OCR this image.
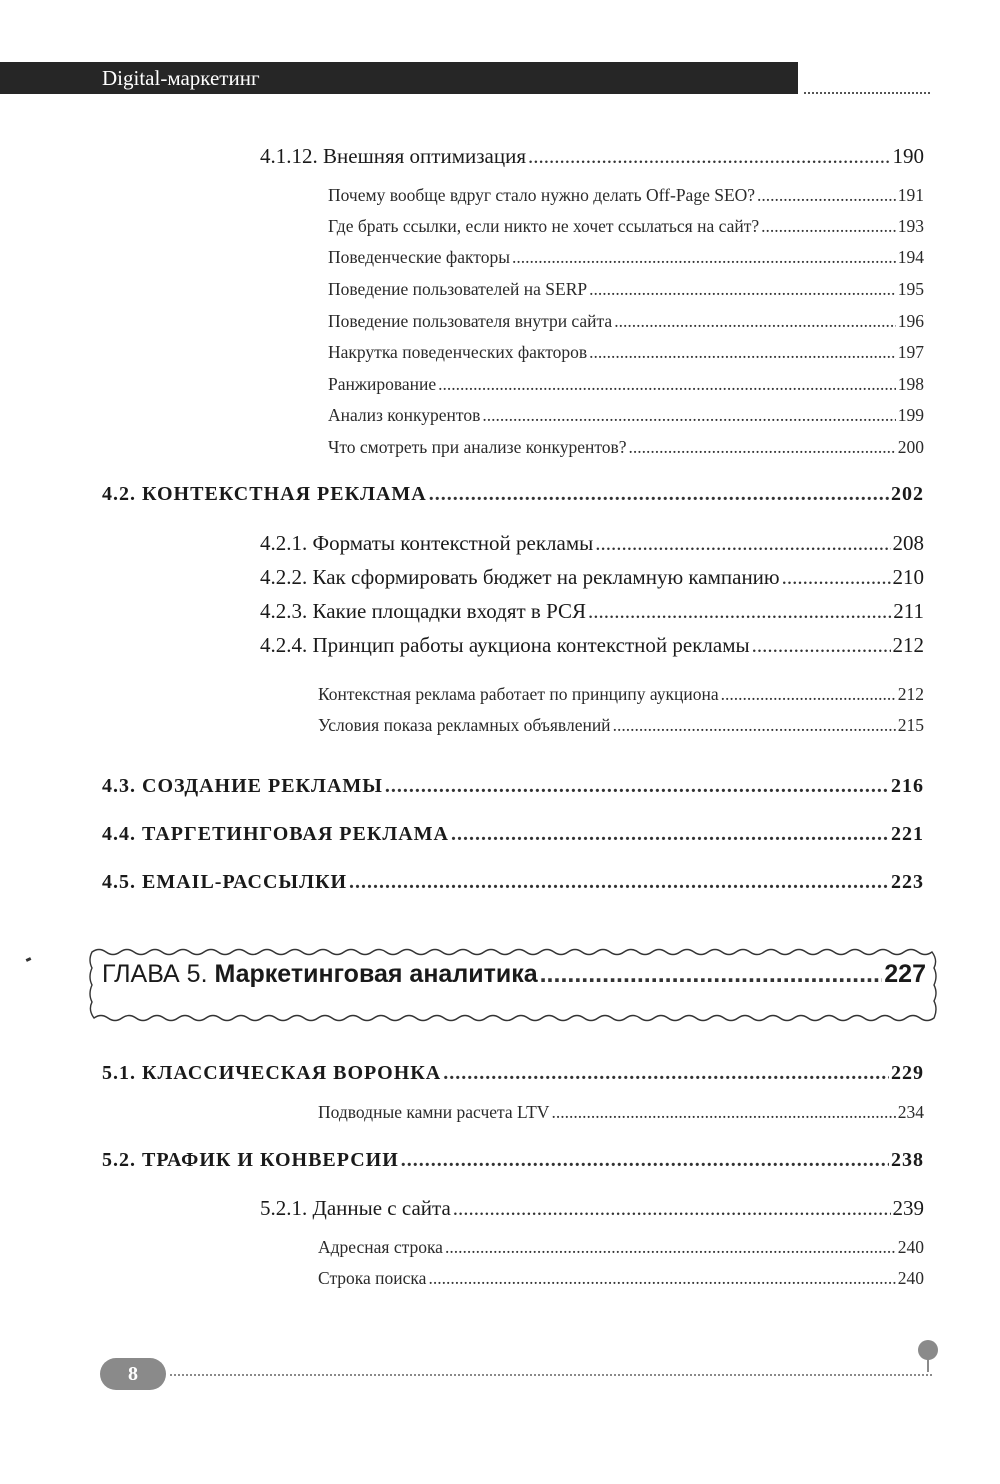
Digital-маркетинг
4.1.12. Внешняя оптимизация .....	190
Почему вообще вдруг стало нужно делать Off-Page SEO? .....	191
Где брать ссылки, если никто не хочет ссылаться на сайт? .....	193
Поведенческие факторы .....	194
Поведение пользователей на SERP .....	195
Поведение пользователя внутри сайта .....	196
Накрутка поведенческих факторов .....	197
Ранжирование .....	198
Анализ конкурентов .....	199
Что смотреть при анализе конкурентов? .....	200
4.2. КОНТЕКСТНАЯ РЕКЛАМА .....	202
4.2.1. Форматы контекстной рекламы .....	208
4.2.2. Как сформировать бюджет на рекламную кампанию .....	210
4.2.3. Какие площадки входят в РСЯ .....	211
4.2.4. Принцип работы аукциона контекстной рекламы .....	212
Контекстная реклама работает по принципу аукциона .....	212
Условия показа рекламных объявлений .....	215
4.3. СОЗДАНИЕ РЕКЛАМЫ .....	216
4.4. ТАРГЕТИНГОВАЯ РЕКЛАМА .....	221
4.5. EMAIL-РАССЫЛКИ .....	223
ГЛАВА 5. Маркетинговая аналитика .....	227
5.1. КЛАССИЧЕСКАЯ ВОРОНКА .....	229
Подводные камни расчета LTV .....	234
5.2. ТРАФИК И КОНВЕРСИИ .....	238
5.2.1. Данные с сайта .....	239
Адресная строка .....	240
Строка поиска .....	240
8
